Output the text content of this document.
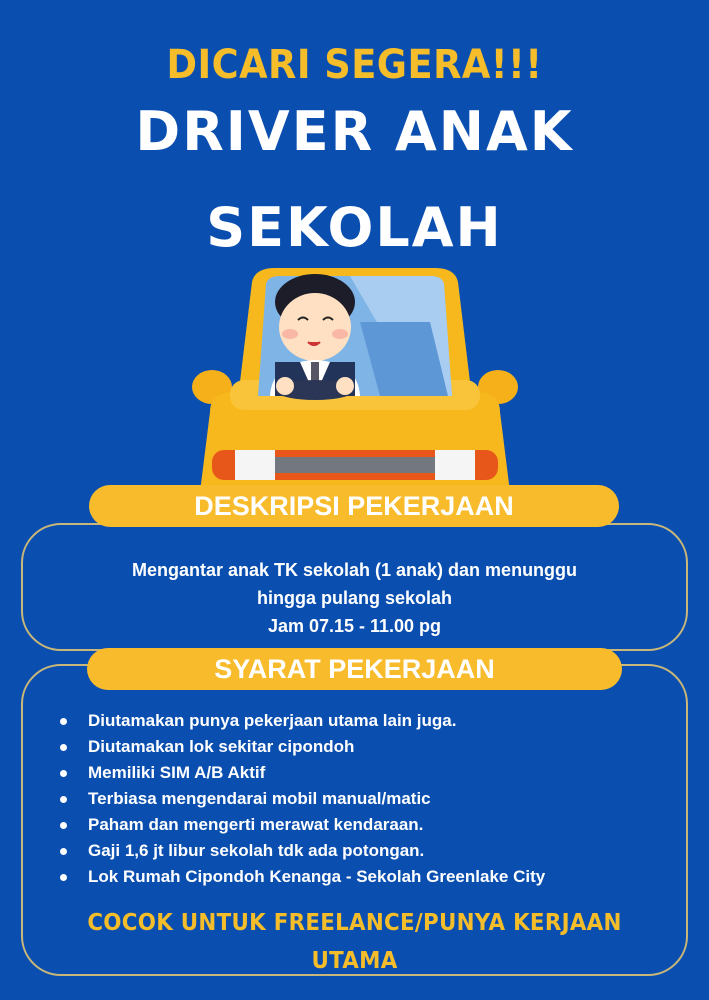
DICARI SEGERA!!!
DRIVER ANAK
SEKOLAH
DESKRIPSI PEKERJAAN
Mengantar anak TK sekolah (1 anak) dan menunggu
hingga pulang sekolah
Jam 07.15 - 11.00 pg
SYARAT PEKERJAAN
Diutamakan punya pekerjaan utama lain juga.
Diutamakan lok sekitar cipondoh
Memiliki SIM A/B Aktif
Terbiasa mengendarai mobil manual/matic
Paham dan mengerti merawat kendaraan.
Gaji 1,6 jt libur sekolah tdk ada potongan.
Lok Rumah Cipondoh Kenanga - Sekolah Greenlake City
COCOK UNTUK FREELANCE/PUNYA KERJAAN
UTAMA
